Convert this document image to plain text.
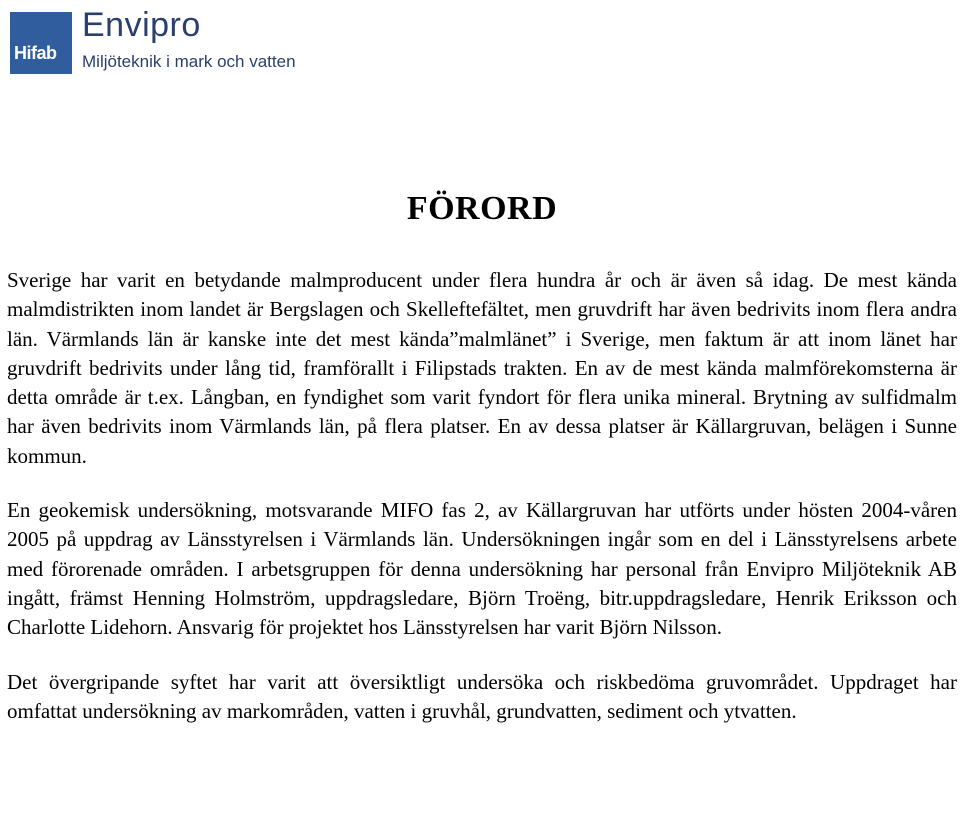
Hifab
Envipro
Miljöteknik i mark och vatten
FÖRORD

Sverige har varit en betydande malmproducent under flera hundra år och är även så idag. De mest kända malmdistrikten inom landet är Bergslagen och Skelleftefältet, men gruvdrift har även bedrivits inom flera andra län. Värmlands län är kanske inte det mest kända”malmlänet” i Sverige, men faktum är att inom länet har gruvdrift bedrivits under lång tid, framförallt i Filipstads trakten. En av de mest kända malmförekomsterna är detta område är t.ex. Långban, en fyndighet som varit fyndort för flera unika mineral. Brytning av sulfidmalm har även bedrivits inom Värmlands län, på flera platser. En av dessa platser är Källargruvan, belägen i Sunne kommun.

En geokemisk undersökning, motsvarande MIFO fas 2, av Källargruvan har utförts under hösten 2004-våren 2005 på uppdrag av Länsstyrelsen i Värmlands län. Undersökningen ingår som en del i Länsstyrelsens arbete med förorenade områden. I arbetsgruppen för denna undersökning har personal från Envipro Miljöteknik AB ingått, främst Henning Holmström, uppdragsledare, Björn Troëng, bitr.uppdragsledare, Henrik Eriksson och Charlotte Lidehorn. Ansvarig för projektet hos Länsstyrelsen har varit Björn Nilsson.

Det övergripande syftet har varit att översiktligt undersöka och riskbedöma gruvområdet. Uppdraget har omfattat undersökning av markområden, vatten i gruvhål, grundvatten, sediment och ytvatten.
